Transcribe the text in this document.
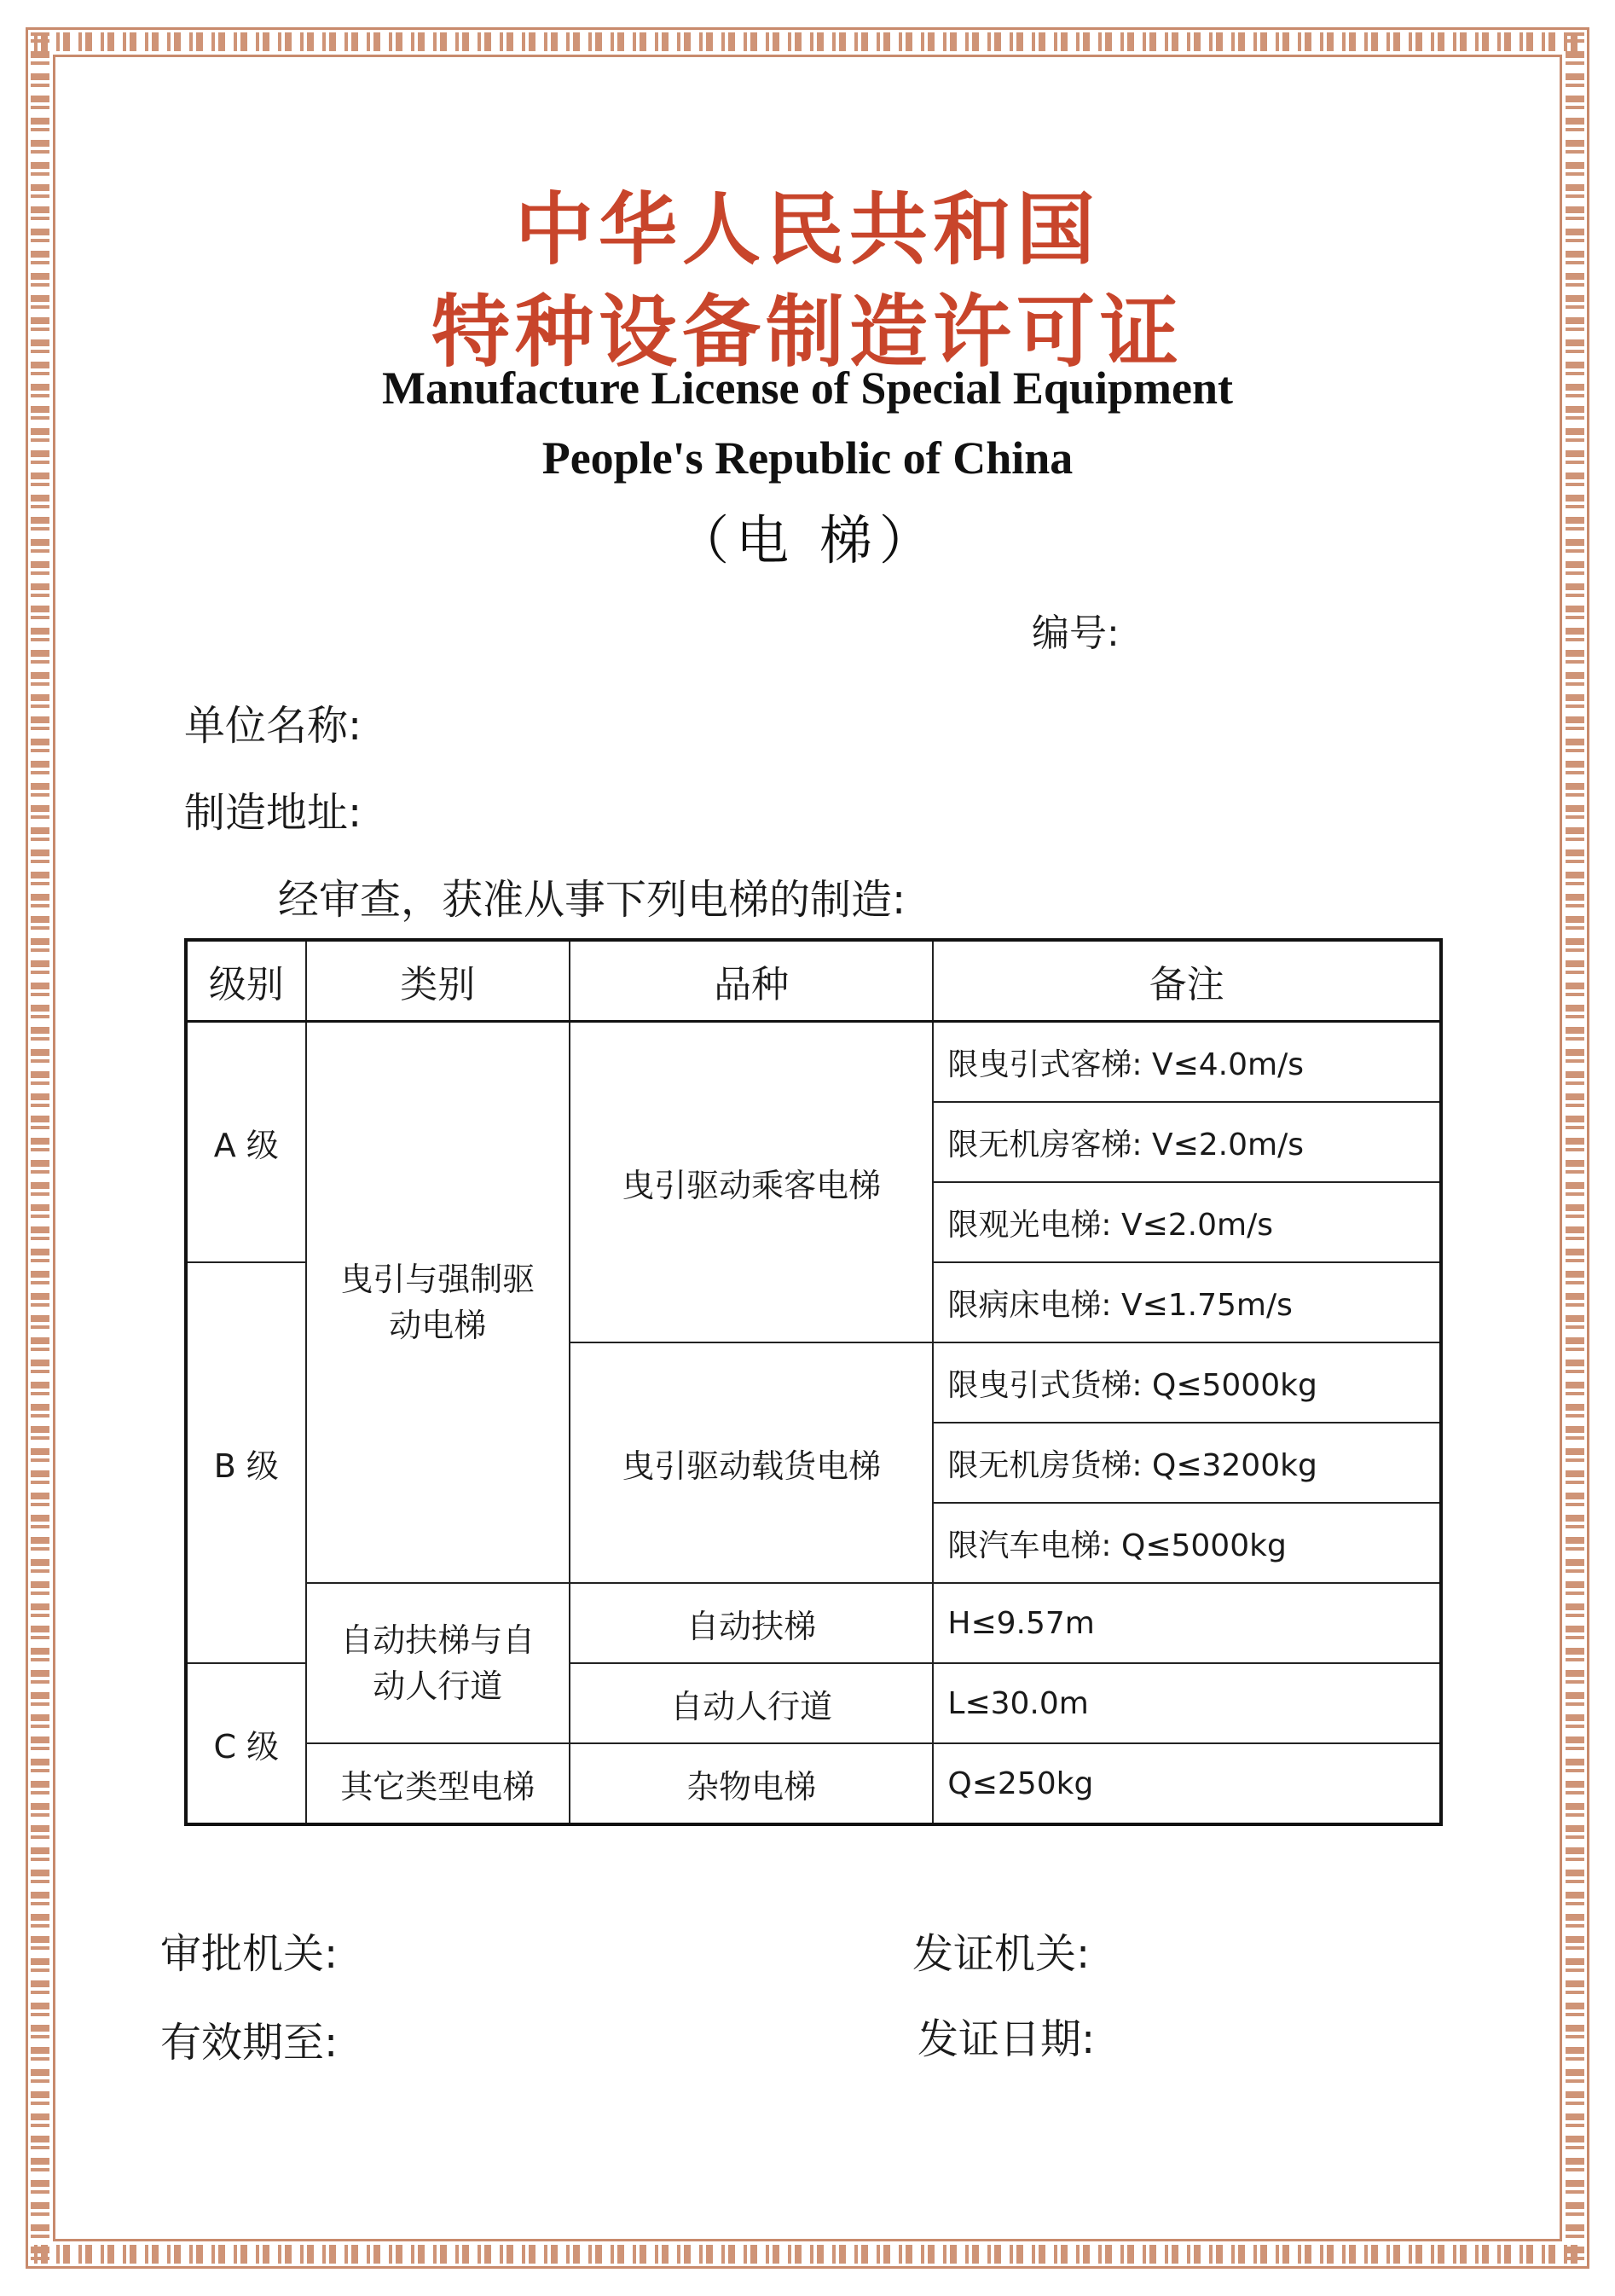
中华人民共和国
特种设备制造许可证
Manufacture License of Special Equipment
People's Republic of China
（电 梯）
编号:
单位名称:
制造地址:
经审查，获准从事下列电梯的制造:
级别	类别	品种	备注
A 级	曳引与强制驱动电梯	曳引驱动乘客电梯	限曳引式客梯: V≤4.0m/s
			限无机房客梯: V≤2.0m/s
			限观光电梯: V≤2.0m/s
B 级			限病床电梯: V≤1.75m/s
		曳引驱动载货电梯	限曳引式货梯: Q≤5000kg
			限无机房货梯: Q≤3200kg
			限汽车电梯: Q≤5000kg
	自动扶梯与自动人行道	自动扶梯	H≤9.57m
C 级		自动人行道	L≤30.0m
	其它类型电梯	杂物电梯	Q≤250kg
审批机关:	发证机关:
有效期至:	发证日期:
